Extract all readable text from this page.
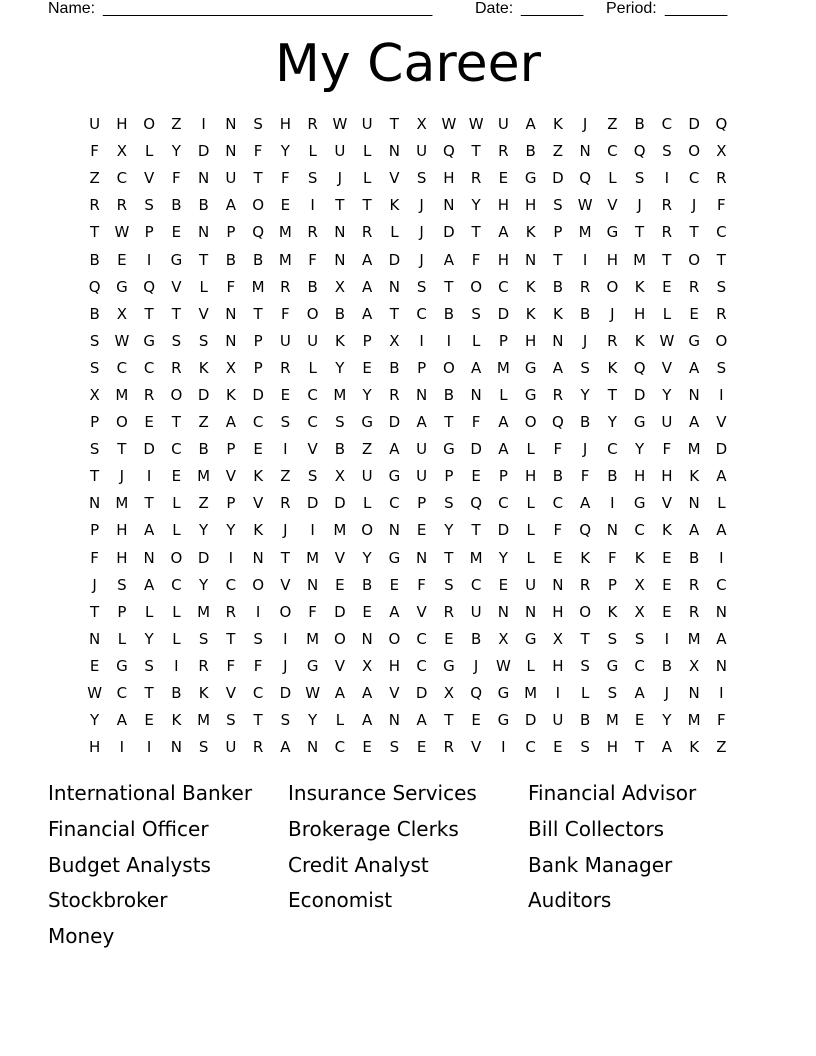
Name: _____________________________________	Date: _______ Period: _______
My Career
U	H	O	Z	I	N	S	H	R W U	T	X W W U	A	K	J	Z	B	C	D	Q
F	X	L	Y	D	N	F	Y	L	U	L	N	U	Q	T	R	B	Z	N	C	Q	S	O	X
Z	C	V	F	N	U	T	F	S	J	L	V	S	H	R	E	G	D	Q	L	S	I	C	R
R	R	S	B	B	A	O	E	I	T	T	K	J	N	Y	H	H	S	W V	J	R	J	F
T	W	P	E	N	P	Q M	R	N	R	L	J	D	T	A	K	P	M G	T	R	T	C
B	E	I	G	T	B	B	M	F	N	A	D	J	A	F	H	N	T	I	H	M	T	O	T
Q	G	Q	V	L	F	M	R	B	X	A	N	S	T	O	C	K	B	R	O	K	E	R	S
B	X	T	T	V	N	T	F	O	B	A	T	C	B	S	D	K	K	B	J	H	L	E	R
S	W G	S	S	N	P	U	U	K	P	X	I	I	L	P	H	N	J	R	K W G	O
S	C	C	R	K	X	P	R	L	Y	E	B	P	O	A	M G	A	S	K	Q	V	A	S
X	M	R	O	D	K	D	E	C	M	Y	R	N	B	N	L	G	R	Y	T	D	Y	N	I
P	O	E	T	Z	A	C	S	C	S	G	D	A	T	F	A	O	Q	B	Y	G	U	A	V
S	T	D	C	B	P	E	I	V	B	Z	A	U	G	D	A	L	F	J	C	Y	F	M	D
T	J	I	E	M	V	K	Z	S	X	U	G	U	P	E	P	H	B	F	B	H	H	K	A
N	M	T	L	Z	P	V	R	D	D	L	C	P	S	Q	C	L	C	A	I	G	V	N	L
P	H	A	L	Y	Y	K	J	I	M O	N	E	Y	T	D	L	F	Q	N	C	K	A	A
F	H	N	O	D	I	N	T	M	V	Y	G	N	T	M	Y	L	E	K	F	K	E	B	I
J	S	A	C	Y	C	O	V	N	E	B	E	F	S	C	E	U	N	R	P	X	E	R	C
T	P	L	L	M	R	I	O	F	D	E	A	V	R	U	N	N	H	O	K	X	E	R	N
N	L	Y	L	S	T	S	I	M O	N	O	C	E	B	X	G	X	T	S	S	I	M	A
E	G	S	I	R	F	F	J	G	V	X	H	C	G	J	W	L	H	S	G	C	B	X	N
W C	T	B	K	V	C	D W A	A	V	D	X	Q	G M	I	L	S	A	J	N	I
Y	A	E	K	M	S	T	S	Y	L	A	N	A	T	E	G	D	U	B	M	E	Y	M	F
H	I	I	N	S	U	R	A	N	C	E	S	E	R	V	I	C	E	S	H	T	A	K	Z
International Banker	Insurance Services	Financial Advisor
Financial Officer	Brokerage Clerks	Bill Collectors
Budget Analysts	Credit Analyst	Bank Manager
Stockbroker	Economist	Auditors
Money
